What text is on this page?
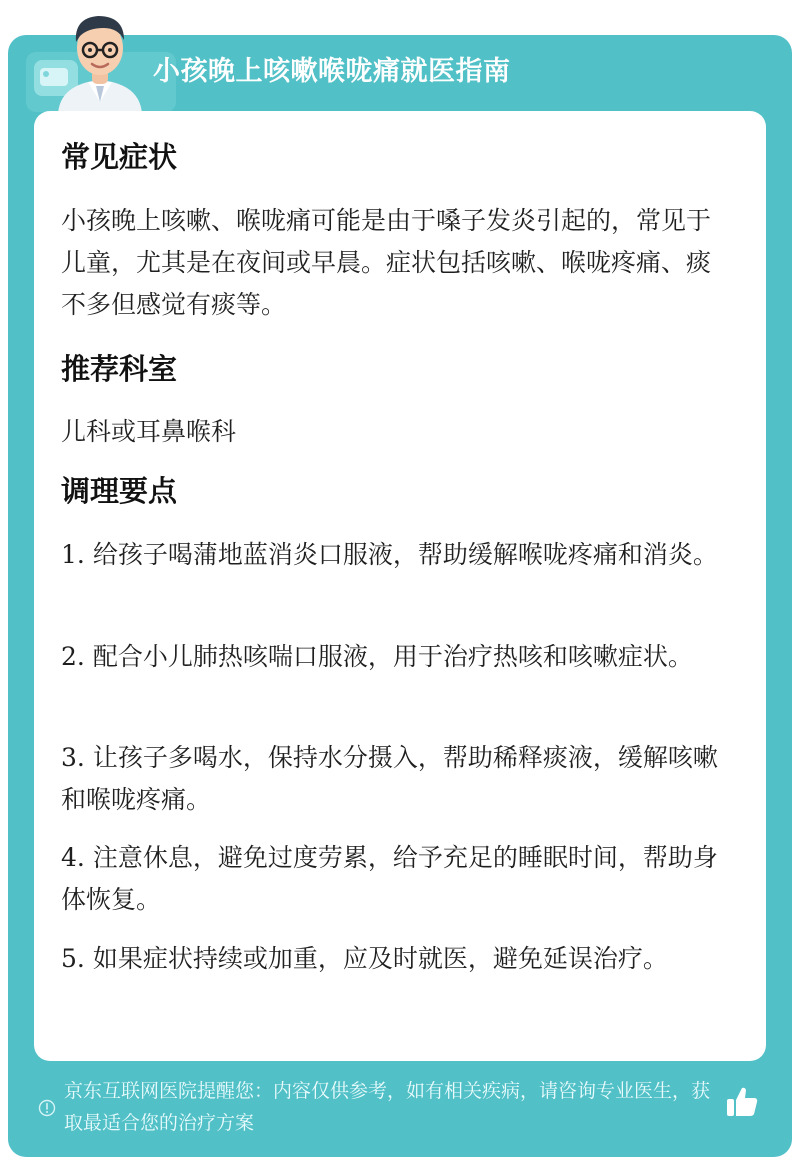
小孩晚上咳嗽喉咙痛就医指南
常见症状
小孩晚上咳嗽、喉咙痛可能是由于嗓子发炎引起的，常见于儿童，尤其是在夜间或早晨。症状包括咳嗽、喉咙疼痛、痰不多但感觉有痰等。
推荐科室
儿科或耳鼻喉科
调理要点
1. 给孩子喝蒲地蓝消炎口服液，帮助缓解喉咙疼痛和消炎。
2. 配合小儿肺热咳喘口服液，用于治疗热咳和咳嗽症状。
3. 让孩子多喝水，保持水分摄入，帮助稀释痰液，缓解咳嗽和喉咙疼痛。
4. 注意休息，避免过度劳累，给予充足的睡眠时间，帮助身体恢复。
5. 如果症状持续或加重，应及时就医，避免延误治疗。
京东互联网医院提醒您：内容仅供参考，如有相关疾病，请咨询专业医生，获取最适合您的治疗方案
